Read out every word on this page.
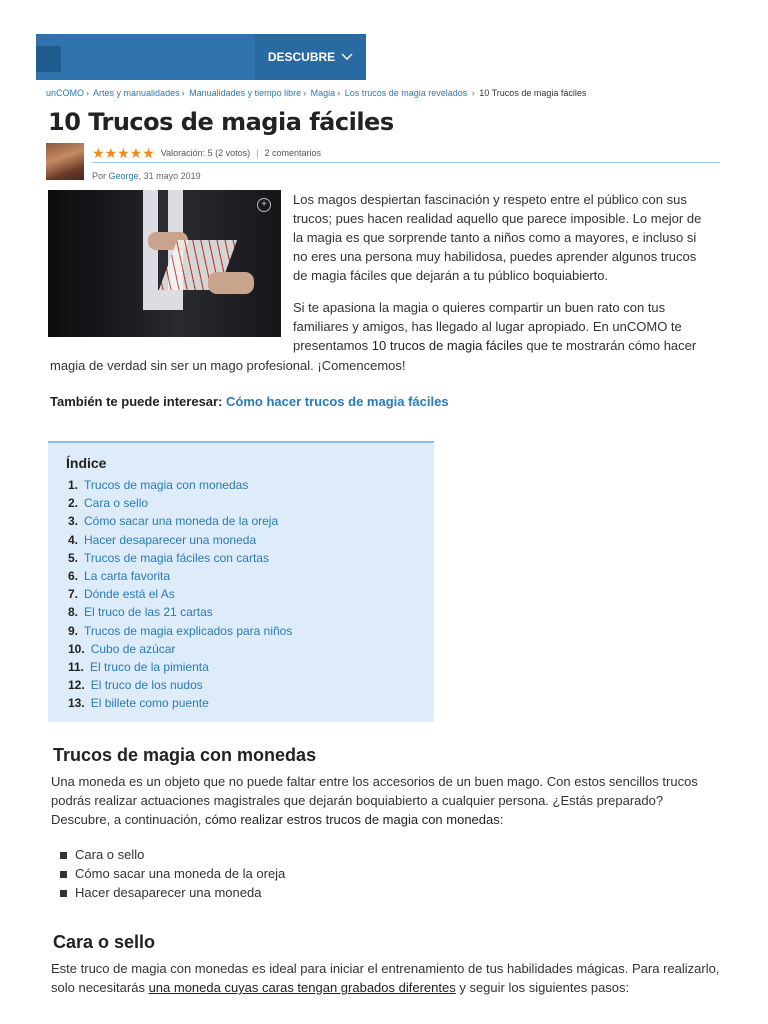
DESCUBRE
unCOMO › Artes y manualidades › Manualidades y tiempo libre › Magia › Los trucos de magia revelados › 10 Trucos de magia fáciles
10 Trucos de magia fáciles
★★★★★ Valoración: 5 (2 votos) | 2 comentarios
Por George, 31 mayo 2019
+	Los magos despiertan fascinación y respeto entre el público con sus trucos; pues hacen realidad aquello que parece imposible. Lo mejor de la magia es que sorprende tanto a niños como a mayores, e incluso si no eres una persona muy habilidosa, puedes aprender algunos trucos de magia fáciles que dejarán a tu público boquiabierto.

Si te apasiona la magia o quieres compartir un buen rato con tus familiares y amigos, has llegado al lugar apropiado. En unCOMO te presentamos 10 trucos de magia fáciles que te mostrarán cómo hacer

magia de verdad sin ser un mago profesional. ¡Comencemos!

También te puede interesar: Cómo hacer trucos de magia fáciles
Índice
1. Trucos de magia con monedas
2. Cara o sello
3. Cómo sacar una moneda de la oreja
4. Hacer desaparecer una moneda
5. Trucos de magia fáciles con cartas
6. La carta favorita
7. Dónde está el As
8. El truco de las 21 cartas
9. Trucos de magia explicados para niños
10. Cubo de azúcar
11. El truco de la pimienta
12. El truco de los nudos
13. El billete como puente
Trucos de magia con monedas

Una moneda es un objeto que no puede faltar entre los accesorios de un buen mago. Con estos sencillos trucos podrás realizar actuaciones magistrales que dejarán boquiabierto a cualquier persona. ¿Estás preparado? Descubre, a continuación, cómo realizar estros trucos de magia con monedas:

Cara o sello
Cómo sacar una moneda de la oreja
Hacer desaparecer una moneda
Cara o sello

Este truco de magia con monedas es ideal para iniciar el entrenamiento de tus habilidades mágicas. Para realizarlo, solo necesitarás una moneda cuyas caras tengan grabados diferentes y seguir los siguientes pasos:
